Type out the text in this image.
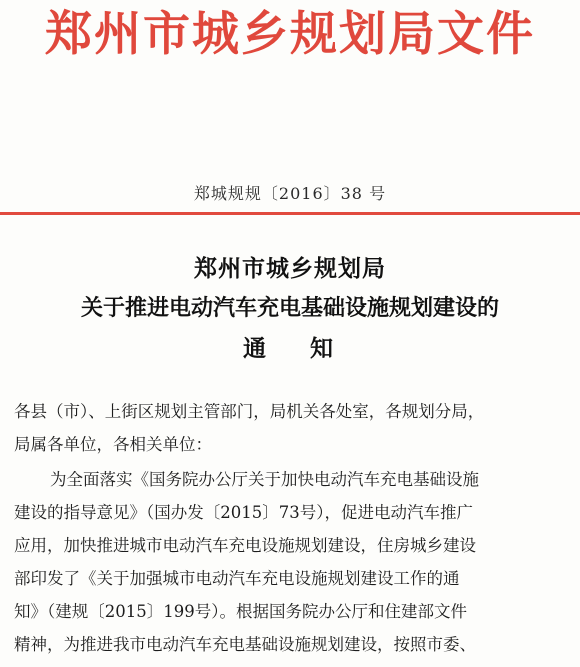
郑州市城乡规划局文件
郑城规规〔2016〕38 号
郑州市城乡规划局
关于推进电动汽车充电基础设施规划建设的
通知
各县（市）、上街区规划主管部门，局机关各处室，各规划分局，
局属各单位，各相关单位：
为全面落实《国务院办公厅关于加快电动汽车充电基础设施
建设的指导意见》（国办发〔2015〕73号），促进电动汽车推广
应用，加快推进城市电动汽车充电设施规划建设，住房城乡建设
部印发了《关于加强城市电动汽车充电设施规划建设工作的通
知》（建规〔2015〕199号）。根据国务院办公厅和住建部文件
精神，为推进我市电动汽车充电基础设施规划建设，按照市委、
